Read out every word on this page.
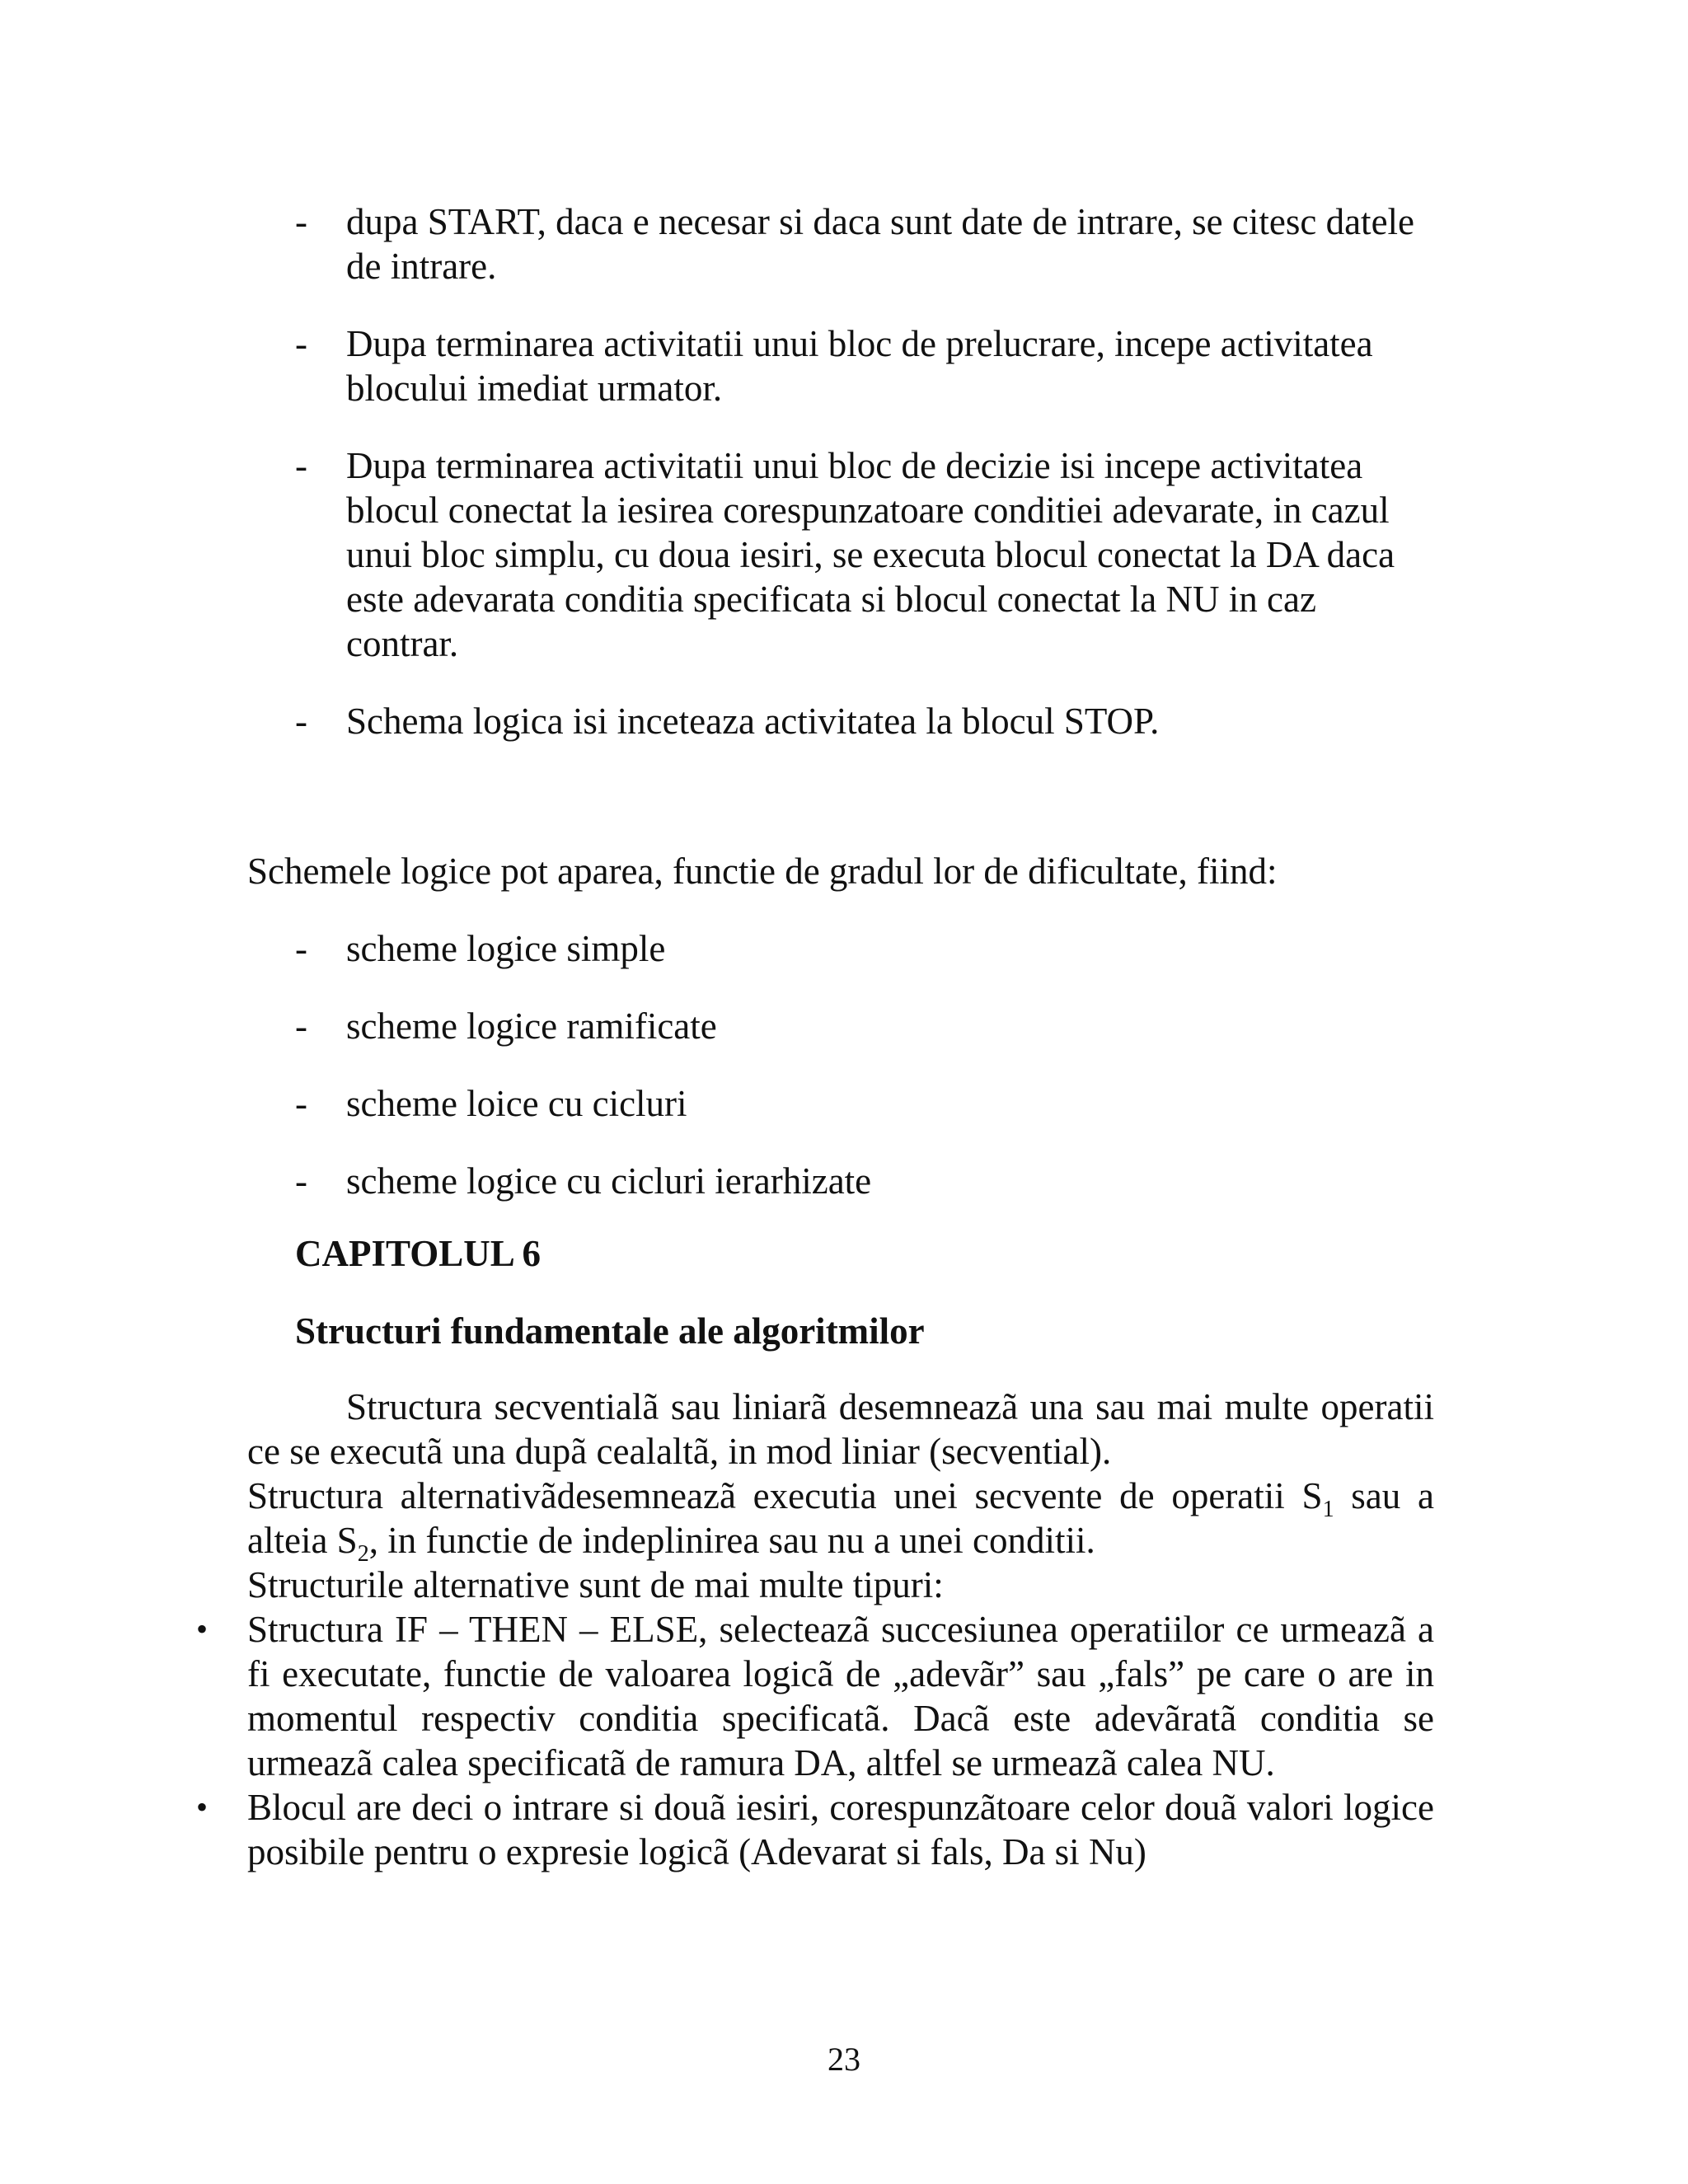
- dupa START, daca e necesar si daca sunt date de intrare, se citesc datele de intrare.
- Dupa terminarea activitatii unui bloc de prelucrare, incepe activitatea blocului imediat urmator.
- Dupa terminarea activitatii unui bloc de decizie isi incepe activitatea blocul conectat la iesirea corespunzatoare conditiei adevarate, in cazul unui bloc simplu, cu doua iesiri, se executa blocul conectat la DA daca este adevarata conditia specificata si blocul conectat la NU in caz contrar.
- Schema logica isi inceteaza activitatea la blocul STOP.

Schemele logice pot aparea, functie de gradul lor de dificultate, fiind:

- scheme logice simple
- scheme logice ramificate
- scheme loice cu cicluri
- scheme logice cu cicluri ierarhizate
CAPITOLUL 6
Structuri fundamentale ale algoritmilor

Structura secventialã sau liniarã desemneazã una sau mai multe operatii ce se executã una dupã cealaltã, in mod liniar (secvential).

Structura alternativãdesemneazã executia unei secvente de operatii $S_1$ sau a alteia $S_2$, in functie de indeplinirea sau nu a unei conditii.

Structurile alternative sunt de mai multe tipuri:

• Structura IF – THEN – ELSE, selecteazã succesiunea operatiilor ce urmeazã a fi executate, functie de valoarea logicã de „adevãr” sau „fals” pe care o are in momentul respectiv conditia specificatã. Dacã este adevãratã conditia se urmeazã calea specificatã de ramura DA, altfel se urmeazã calea NU.
• Blocul are deci o intrare si douã iesiri, corespunzãtoare celor douã valori logice posibile pentru o expresie logicã (Adevarat si fals, Da si Nu)

23
